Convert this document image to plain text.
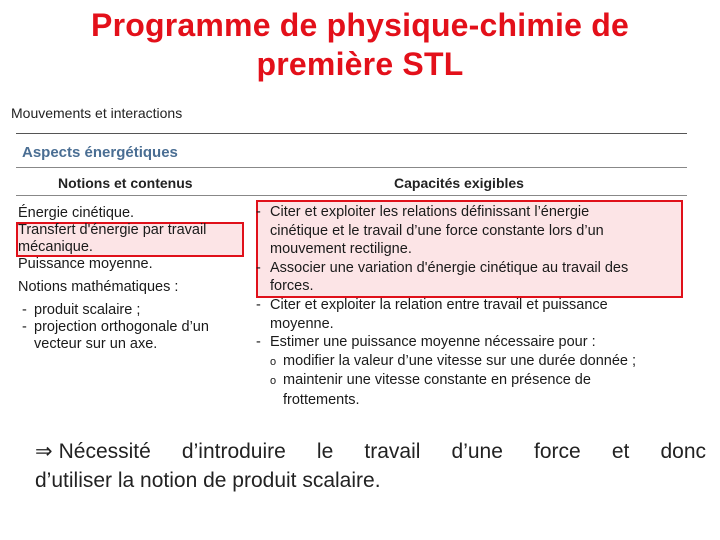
Programme de physique-chimie de
première STL
Mouvements et interactions
Aspects énergétiques
Notions et contenus	Capacités exigibles
Énergie cinétique.
Transfert d'énergie par travail
mécanique.
Puissance moyenne.
Notions mathématiques :
- produit scalaire ;
- projection orthogonale d’un
vecteur sur un axe.
- Citer et exploiter les relations définissant l’énergie
cinétique et le travail d’une force constante lors d’un
mouvement rectiligne.
- Associer une variation d'énergie cinétique au travail des
forces.
- Citer et exploiter la relation entre travail et puissance
moyenne.
- Estimer une puissance moyenne nécessaire pour :
o modifier la valeur d’une vitesse sur une durée donnée ;
o maintenir une vitesse constante en présence de
frottements.
⇒ Nécessité d’introduire le travail d’une force et donc
d’utiliser la notion de produit scalaire.
